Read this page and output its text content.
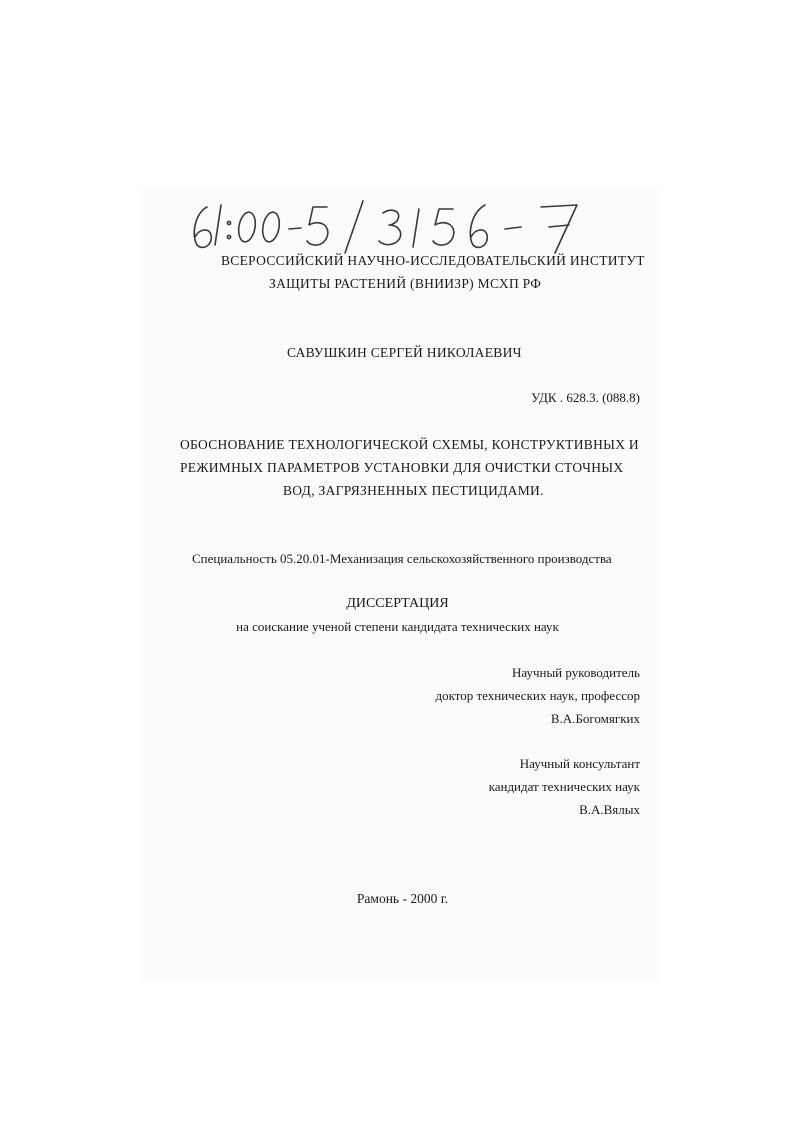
ВСЕРОССИЙСКИЙ НАУЧНО-ИССЛЕДОВАТЕЛЬСКИЙ ИНСТИТУТ
ЗАЩИТЫ РАСТЕНИЙ (ВНИИЗР) МСХП РФ
САВУШКИН СЕРГЕЙ НИКОЛАЕВИЧ
УДК . 628.3. (088.8)
ОБОСНОВАНИЕ ТЕХНОЛОГИЧЕСКОЙ СХЕМЫ, КОНСТРУКТИВНЫХ И
РЕЖИМНЫХ ПАРАМЕТРОВ УСТАНОВКИ ДЛЯ ОЧИСТКИ СТОЧНЫХ
ВОД, ЗАГРЯЗНЕННЫХ ПЕСТИЦИДАМИ.
Специальность 05.20.01-Механизация сельскохозяйственного производства
ДИССЕРТАЦИЯ
на соискание ученой степени кандидата технических наук
Научный руководитель
доктор технических наук, профессор
В.А.Богомягких
Научный консультант
кандидат технических наук
В.А.Вялых
Рамонь - 2000 г.
